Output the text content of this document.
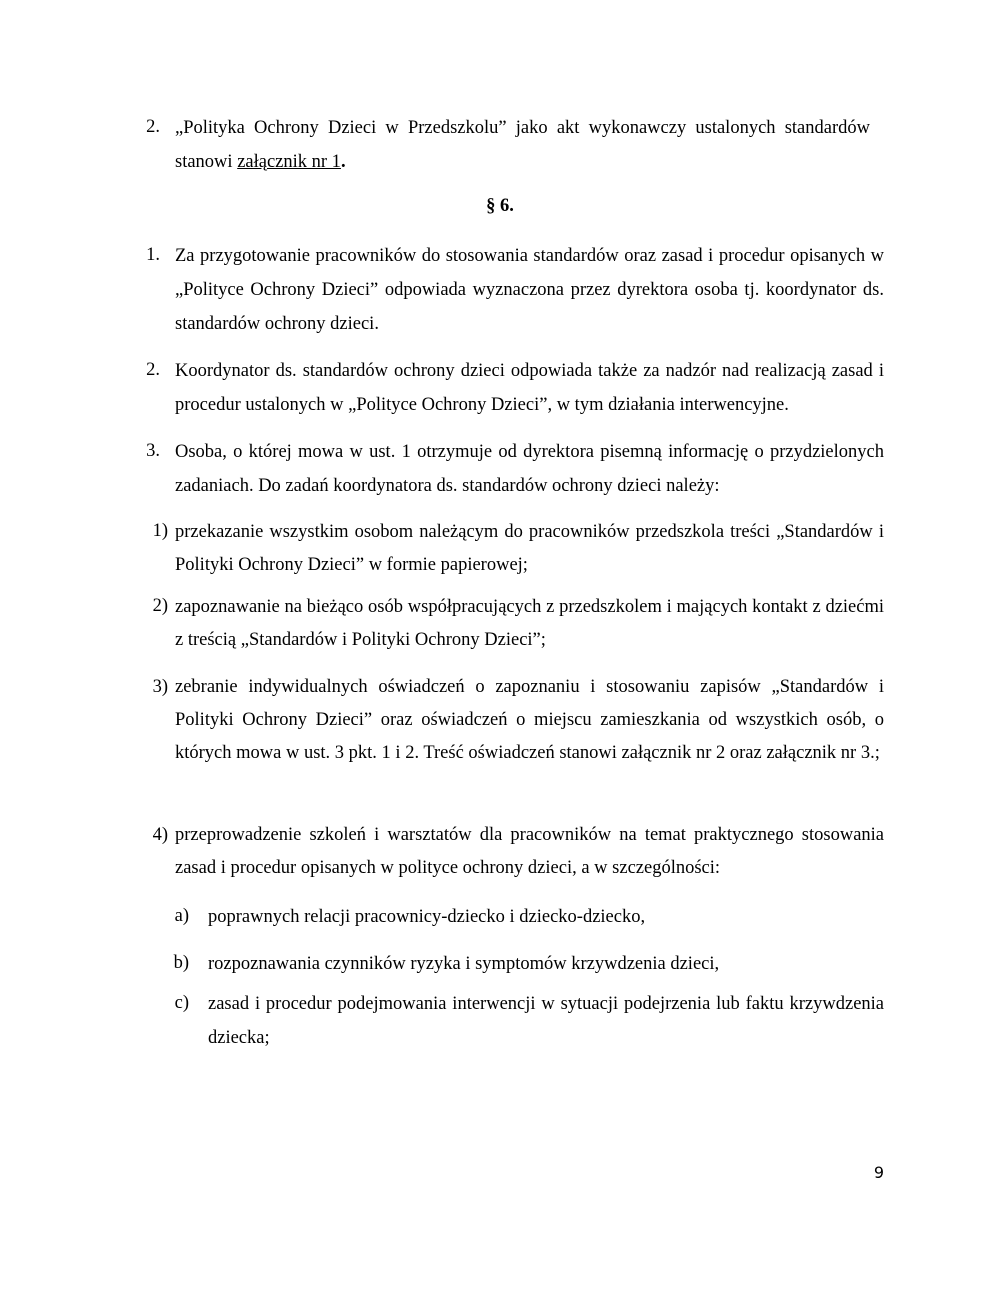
2. „Polityka Ochrony Dzieci w Przedszkolu” jako akt wykonawczy ustalonych standardów stanowi załącznik nr 1.
§ 6.
1. Za przygotowanie pracowników do stosowania standardów oraz zasad i procedur opisanych w „Polityce Ochrony Dzieci” odpowiada wyznaczona przez dyrektora osoba tj. koordynator ds. standardów ochrony dzieci.
2. Koordynator ds. standardów ochrony dzieci odpowiada także za nadzór nad realizacją zasad i procedur ustalonych w „Polityce Ochrony Dzieci”, w tym działania interwencyjne.
3. Osoba, o której mowa w ust. 1 otrzymuje od dyrektora pisemną informację o przydzielonych zadaniach. Do zadań koordynatora ds. standardów ochrony dzieci należy:
1) przekazanie wszystkim osobom należącym do pracowników przedszkola treści „Standardów i Polityki Ochrony Dzieci” w formie papierowej;
2) zapoznawanie na bieżąco osób współpracujących z przedszkolem i mających kontakt z dziećmi z treścią „Standardów i Polityki Ochrony Dzieci”;
3) zebranie indywidualnych oświadczeń o zapoznaniu i stosowaniu zapisów „Standardów i Polityki Ochrony Dzieci” oraz oświadczeń o miejscu zamieszkania od wszystkich osób, o których mowa w ust. 3 pkt. 1 i 2. Treść oświadczeń stanowi załącznik nr 2 oraz załącznik nr 3.;
4) przeprowadzenie szkoleń i warsztatów dla pracowników na temat praktycznego stosowania zasad i procedur opisanych w polityce ochrony dzieci, a w szczególności:
a) poprawnych relacji pracownicy-dziecko i dziecko-dziecko,
b) rozpoznawania czynników ryzyka i symptomów krzywdzenia dzieci,
c) zasad i procedur podejmowania interwencji w sytuacji podejrzenia lub faktu krzywdzenia dziecka;
9
